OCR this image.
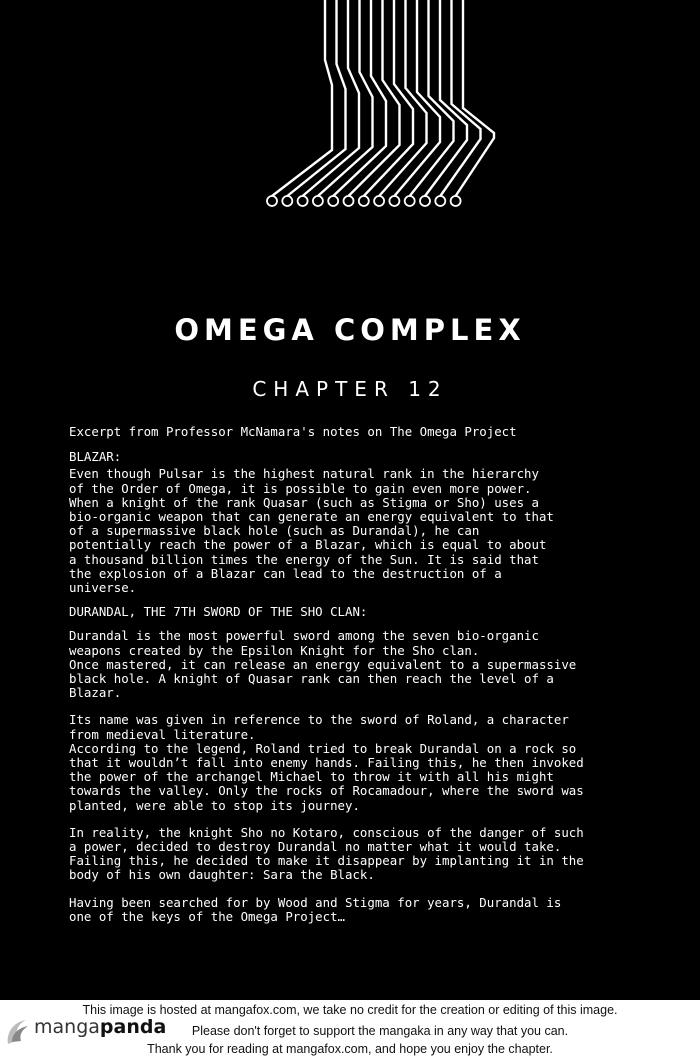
OMEGA COMPLEX
CHAPTER 12

Excerpt from Professor McNamara's notes on The Omega Project

BLAZAR:

Even though Pulsar is the highest natural rank in the hierarchy
of the Order of Omega, it is possible to gain even more power.
When a knight of the rank Quasar (such as Stigma or Sho) uses a
bio-organic weapon that can generate an energy equivalent to that
of a supermassive black hole (such as Durandal), he can
potentially reach the power of a Blazar, which is equal to about
a thousand billion times the energy of the Sun. It is said that
the explosion of a Blazar can lead to the destruction of a
universe.

DURANDAL, THE 7TH SWORD OF THE SHO CLAN:

Durandal is the most powerful sword among the seven bio-organic
weapons created by the Epsilon Knight for the Sho clan.
Once mastered, it can release an energy equivalent to a supermassive
black hole. A knight of Quasar rank can then reach the level of a
Blazar.

Its name was given in reference to the sword of Roland, a character
from medieval literature.
According to the legend, Roland tried to break Durandal on a rock so
that it wouldn’t fall into enemy hands. Failing this, he then invoked
the power of the archangel Michael to throw it with all his might
towards the valley. Only the rocks of Rocamadour, where the sword was
planted, were able to stop its journey.

In reality, the knight Sho no Kotaro, conscious of the danger of such
a power, decided to destroy Durandal no matter what it would take.
Failing this, he decided to make it disappear by implanting it in the
body of his own daughter: Sara the Black.

Having been searched for by Wood and Stigma for years, Durandal is
one of the keys of the Omega Project…

This image is hosted at mangafox.com, we take no credit for the creation or editing of this image.
mangapanda	Please don't forget to support the mangaka in any way that you can.
Thank you for reading at mangafox.com, and hope you enjoy the chapter.
